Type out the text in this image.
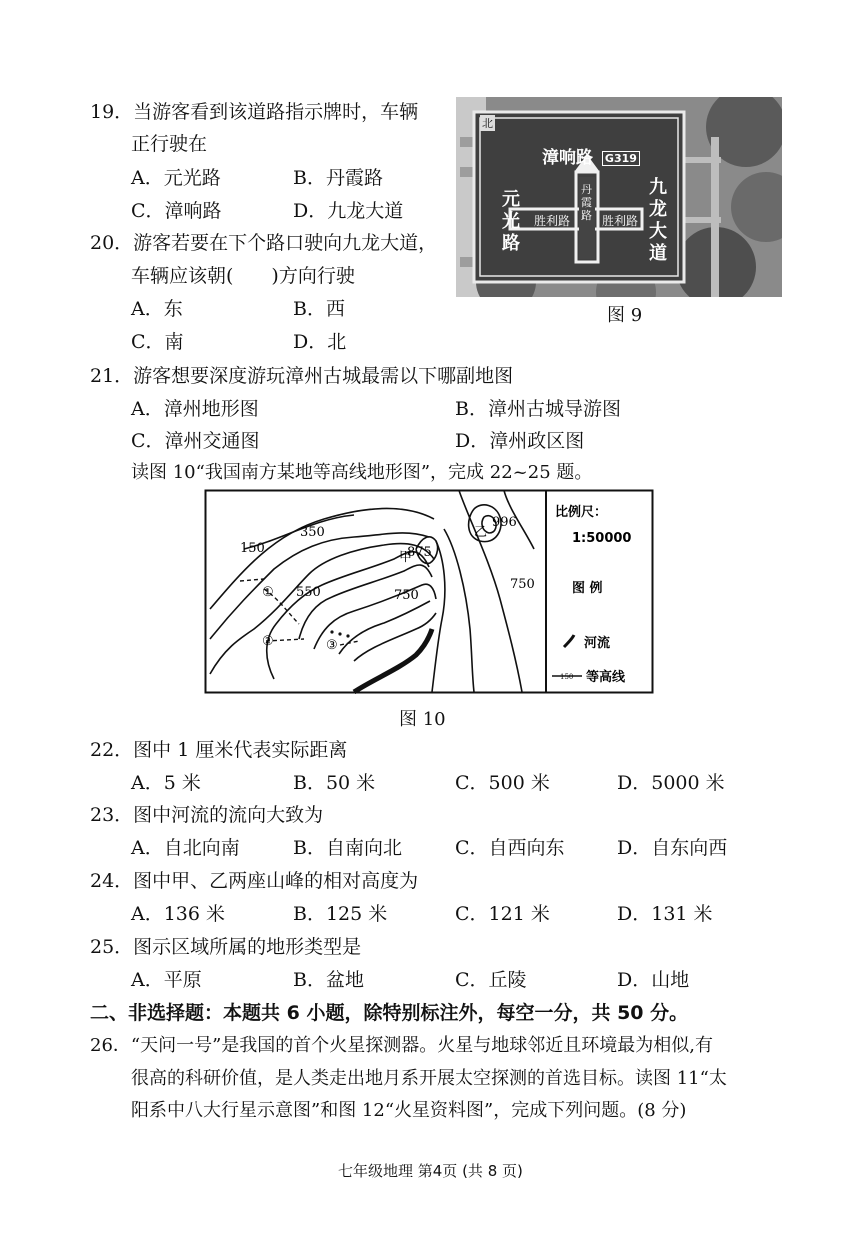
19．当游客看到该道路指示牌时，车辆
正行驶在
A．元光路	B．丹霞路
C．漳响路	D．九龙大道
20．游客若要在下个路口驶向九龙大道，
车辆应该朝(　　)方向行驶
A．东	B．西
C．南	D．北
北
漳响路 G319
元光路
九龙大道
胜利路	胜利路
丹霞路
图 9
21．游客想要深度游玩漳州古城最需以下哪副地图
A．漳州地形图	B．漳州古城导游图
C．漳州交通图	D．漳州政区图
读图 10“我国南方某地等高线地形图”，完成 22~25 题。
150
350
550	750
750
875
996
甲
乙
①
②	③
比例尺：
1:50000
图 例
河流
150 等高线
图 10
22．图中 1 厘米代表实际距离
A．5 米	B．50 米	C．500 米	D．5000 米
23．图中河流的流向大致为
A．自北向南	B．自南向北	C．自西向东	D．自东向西
24．图中甲、乙两座山峰的相对高度为
A．136 米	B．125 米	C．121 米	D．131 米
25．图示区域所属的地形类型是
A．平原	B．盆地	C．丘陵	D．山地
二、非选择题：本题共 6 小题，除特别标注外，每空一分，共 50 分。
26．“天问一号”是我国的首个火星探测器。火星与地球邻近且环境最为相似,有
很高的科研价值，是人类走出地月系开展太空探测的首选目标。读图 11“太
阳系中八大行星示意图”和图 12“火星资料图”，完成下列问题。(8 分)
七年级地理 第4页 (共 8 页)
